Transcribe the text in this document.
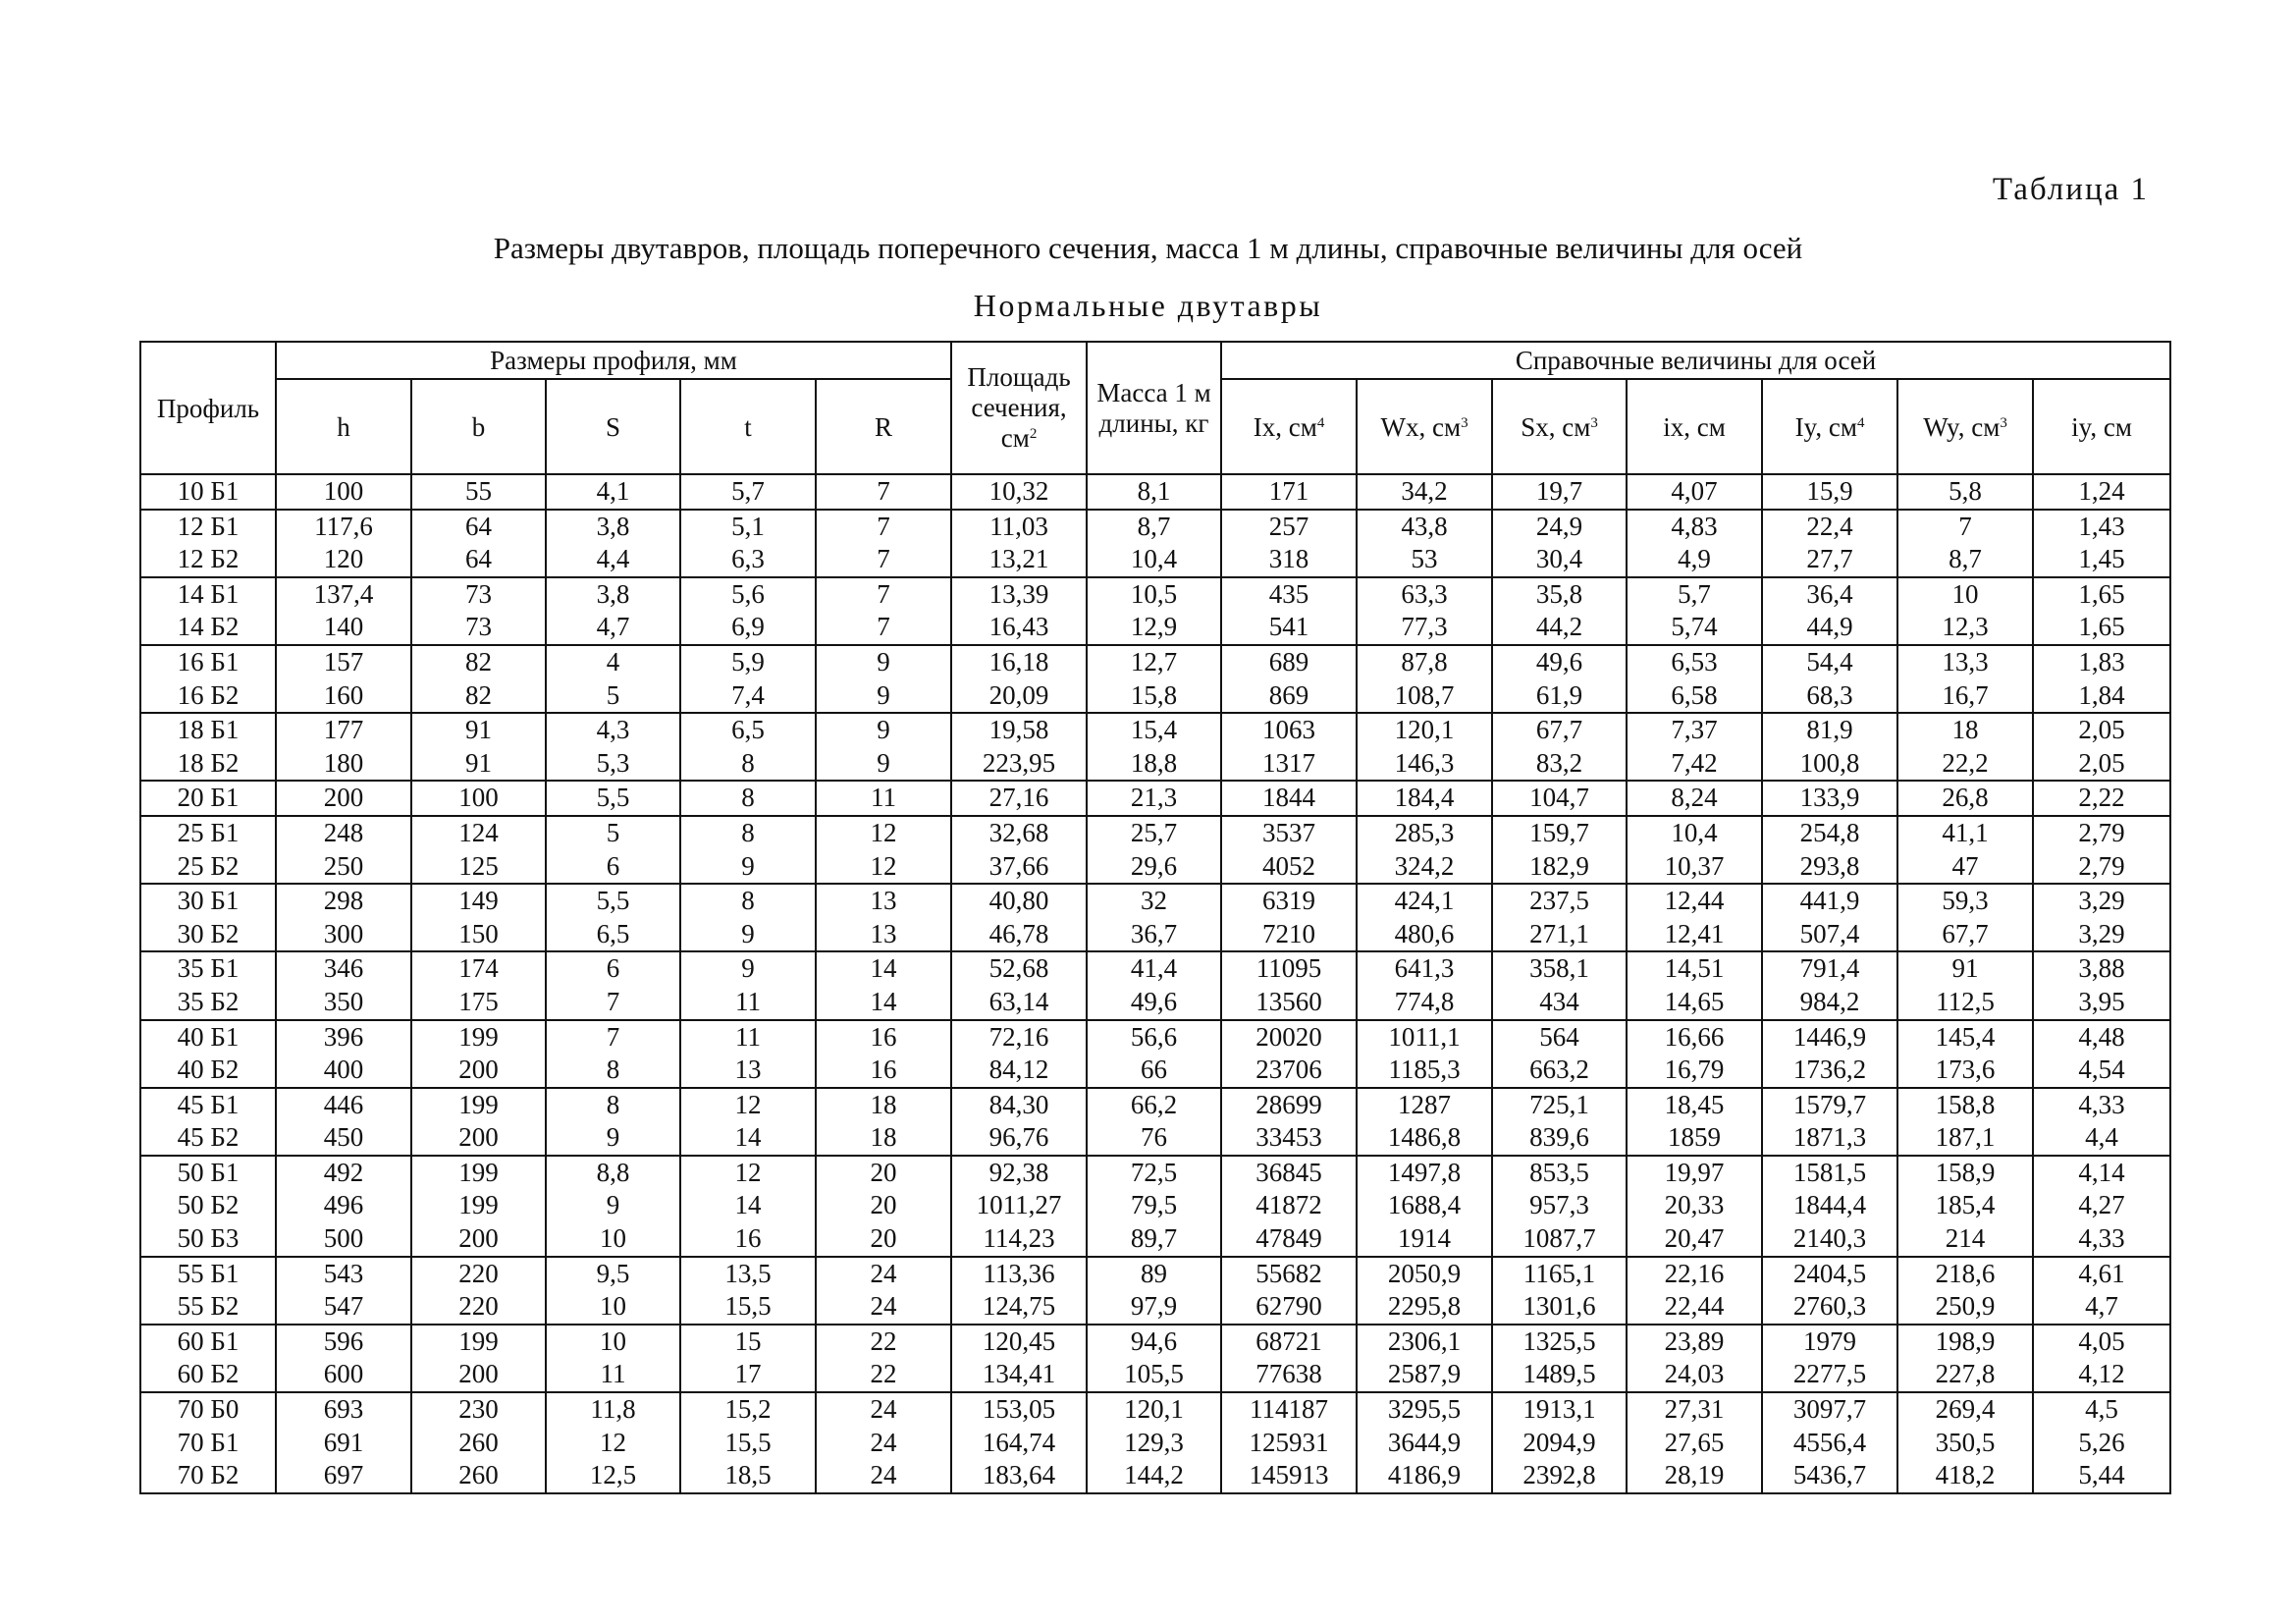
Таблица 1
Размеры двутавров, площадь поперечного сечения, масса 1 м длины, справочные величины для осей
Нормальные двутавры
Профиль	Размеры профиля, мм					Площадь сечения, $см^2$	Масса 1 м длины, кг	Справочные величины для осей						
	h	b	S	t	R			Ix, $см^4$	Wx, $см^3$	Sx, $см^3$	ix, см	Iy, $см^4$	Wy, $см^3$	iy, см
10 Б1	100	55	4,1	5,7	7	10,32	8,1	171	34,2	19,7	4,07	15,9	5,8	1,24
12 Б1	117,6	64	3,8	5,1	7	11,03	8,7	257	43,8	24,9	4,83	22,4	7	1,43
12 Б2	120	64	4,4	6,3	7	13,21	10,4	318	53	30,4	4,9	27,7	8,7	1,45
14 Б1	137,4	73	3,8	5,6	7	13,39	10,5	435	63,3	35,8	5,7	36,4	10	1,65
14 Б2	140	73	4,7	6,9	7	16,43	12,9	541	77,3	44,2	5,74	44,9	12,3	1,65
16 Б1	157	82	4	5,9	9	16,18	12,7	689	87,8	49,6	6,53	54,4	13,3	1,83
16 Б2	160	82	5	7,4	9	20,09	15,8	869	108,7	61,9	6,58	68,3	16,7	1,84
18 Б1	177	91	4,3	6,5	9	19,58	15,4	1063	120,1	67,7	7,37	81,9	18	2,05
18 Б2	180	91	5,3	8	9	223,95	18,8	1317	146,3	83,2	7,42	100,8	22,2	2,05
20 Б1	200	100	5,5	8	11	27,16	21,3	1844	184,4	104,7	8,24	133,9	26,8	2,22
25 Б1	248	124	5	8	12	32,68	25,7	3537	285,3	159,7	10,4	254,8	41,1	2,79
25 Б2	250	125	6	9	12	37,66	29,6	4052	324,2	182,9	10,37	293,8	47	2,79
30 Б1	298	149	5,5	8	13	40,80	32	6319	424,1	237,5	12,44	441,9	59,3	3,29
30 Б2	300	150	6,5	9	13	46,78	36,7	7210	480,6	271,1	12,41	507,4	67,7	3,29
35 Б1	346	174	6	9	14	52,68	41,4	11095	641,3	358,1	14,51	791,4	91	3,88
35 Б2	350	175	7	11	14	63,14	49,6	13560	774,8	434	14,65	984,2	112,5	3,95
40 Б1	396	199	7	11	16	72,16	56,6	20020	1011,1	564	16,66	1446,9	145,4	4,48
40 Б2	400	200	8	13	16	84,12	66	23706	1185,3	663,2	16,79	1736,2	173,6	4,54
45 Б1	446	199	8	12	18	84,30	66,2	28699	1287	725,1	18,45	1579,7	158,8	4,33
45 Б2	450	200	9	14	18	96,76	76	33453	1486,8	839,6	1859	1871,3	187,1	4,4
50 Б1	492	199	8,8	12	20	92,38	72,5	36845	1497,8	853,5	19,97	1581,5	158,9	4,14
50 Б2	496	199	9	14	20	1011,27	79,5	41872	1688,4	957,3	20,33	1844,4	185,4	4,27
50 Б3	500	200	10	16	20	114,23	89,7	47849	1914	1087,7	20,47	2140,3	214	4,33
55 Б1	543	220	9,5	13,5	24	113,36	89	55682	2050,9	1165,1	22,16	2404,5	218,6	4,61
55 Б2	547	220	10	15,5	24	124,75	97,9	62790	2295,8	1301,6	22,44	2760,3	250,9	4,7
60 Б1	596	199	10	15	22	120,45	94,6	68721	2306,1	1325,5	23,89	1979	198,9	4,05
60 Б2	600	200	11	17	22	134,41	105,5	77638	2587,9	1489,5	24,03	2277,5	227,8	4,12
70 Б0	693	230	11,8	15,2	24	153,05	120,1	114187	3295,5	1913,1	27,31	3097,7	269,4	4,5
70 Б1	691	260	12	15,5	24	164,74	129,3	125931	3644,9	2094,9	27,65	4556,4	350,5	5,26
70 Б2	697	260	12,5	18,5	24	183,64	144,2	145913	4186,9	2392,8	28,19	5436,7	418,2	5,44
